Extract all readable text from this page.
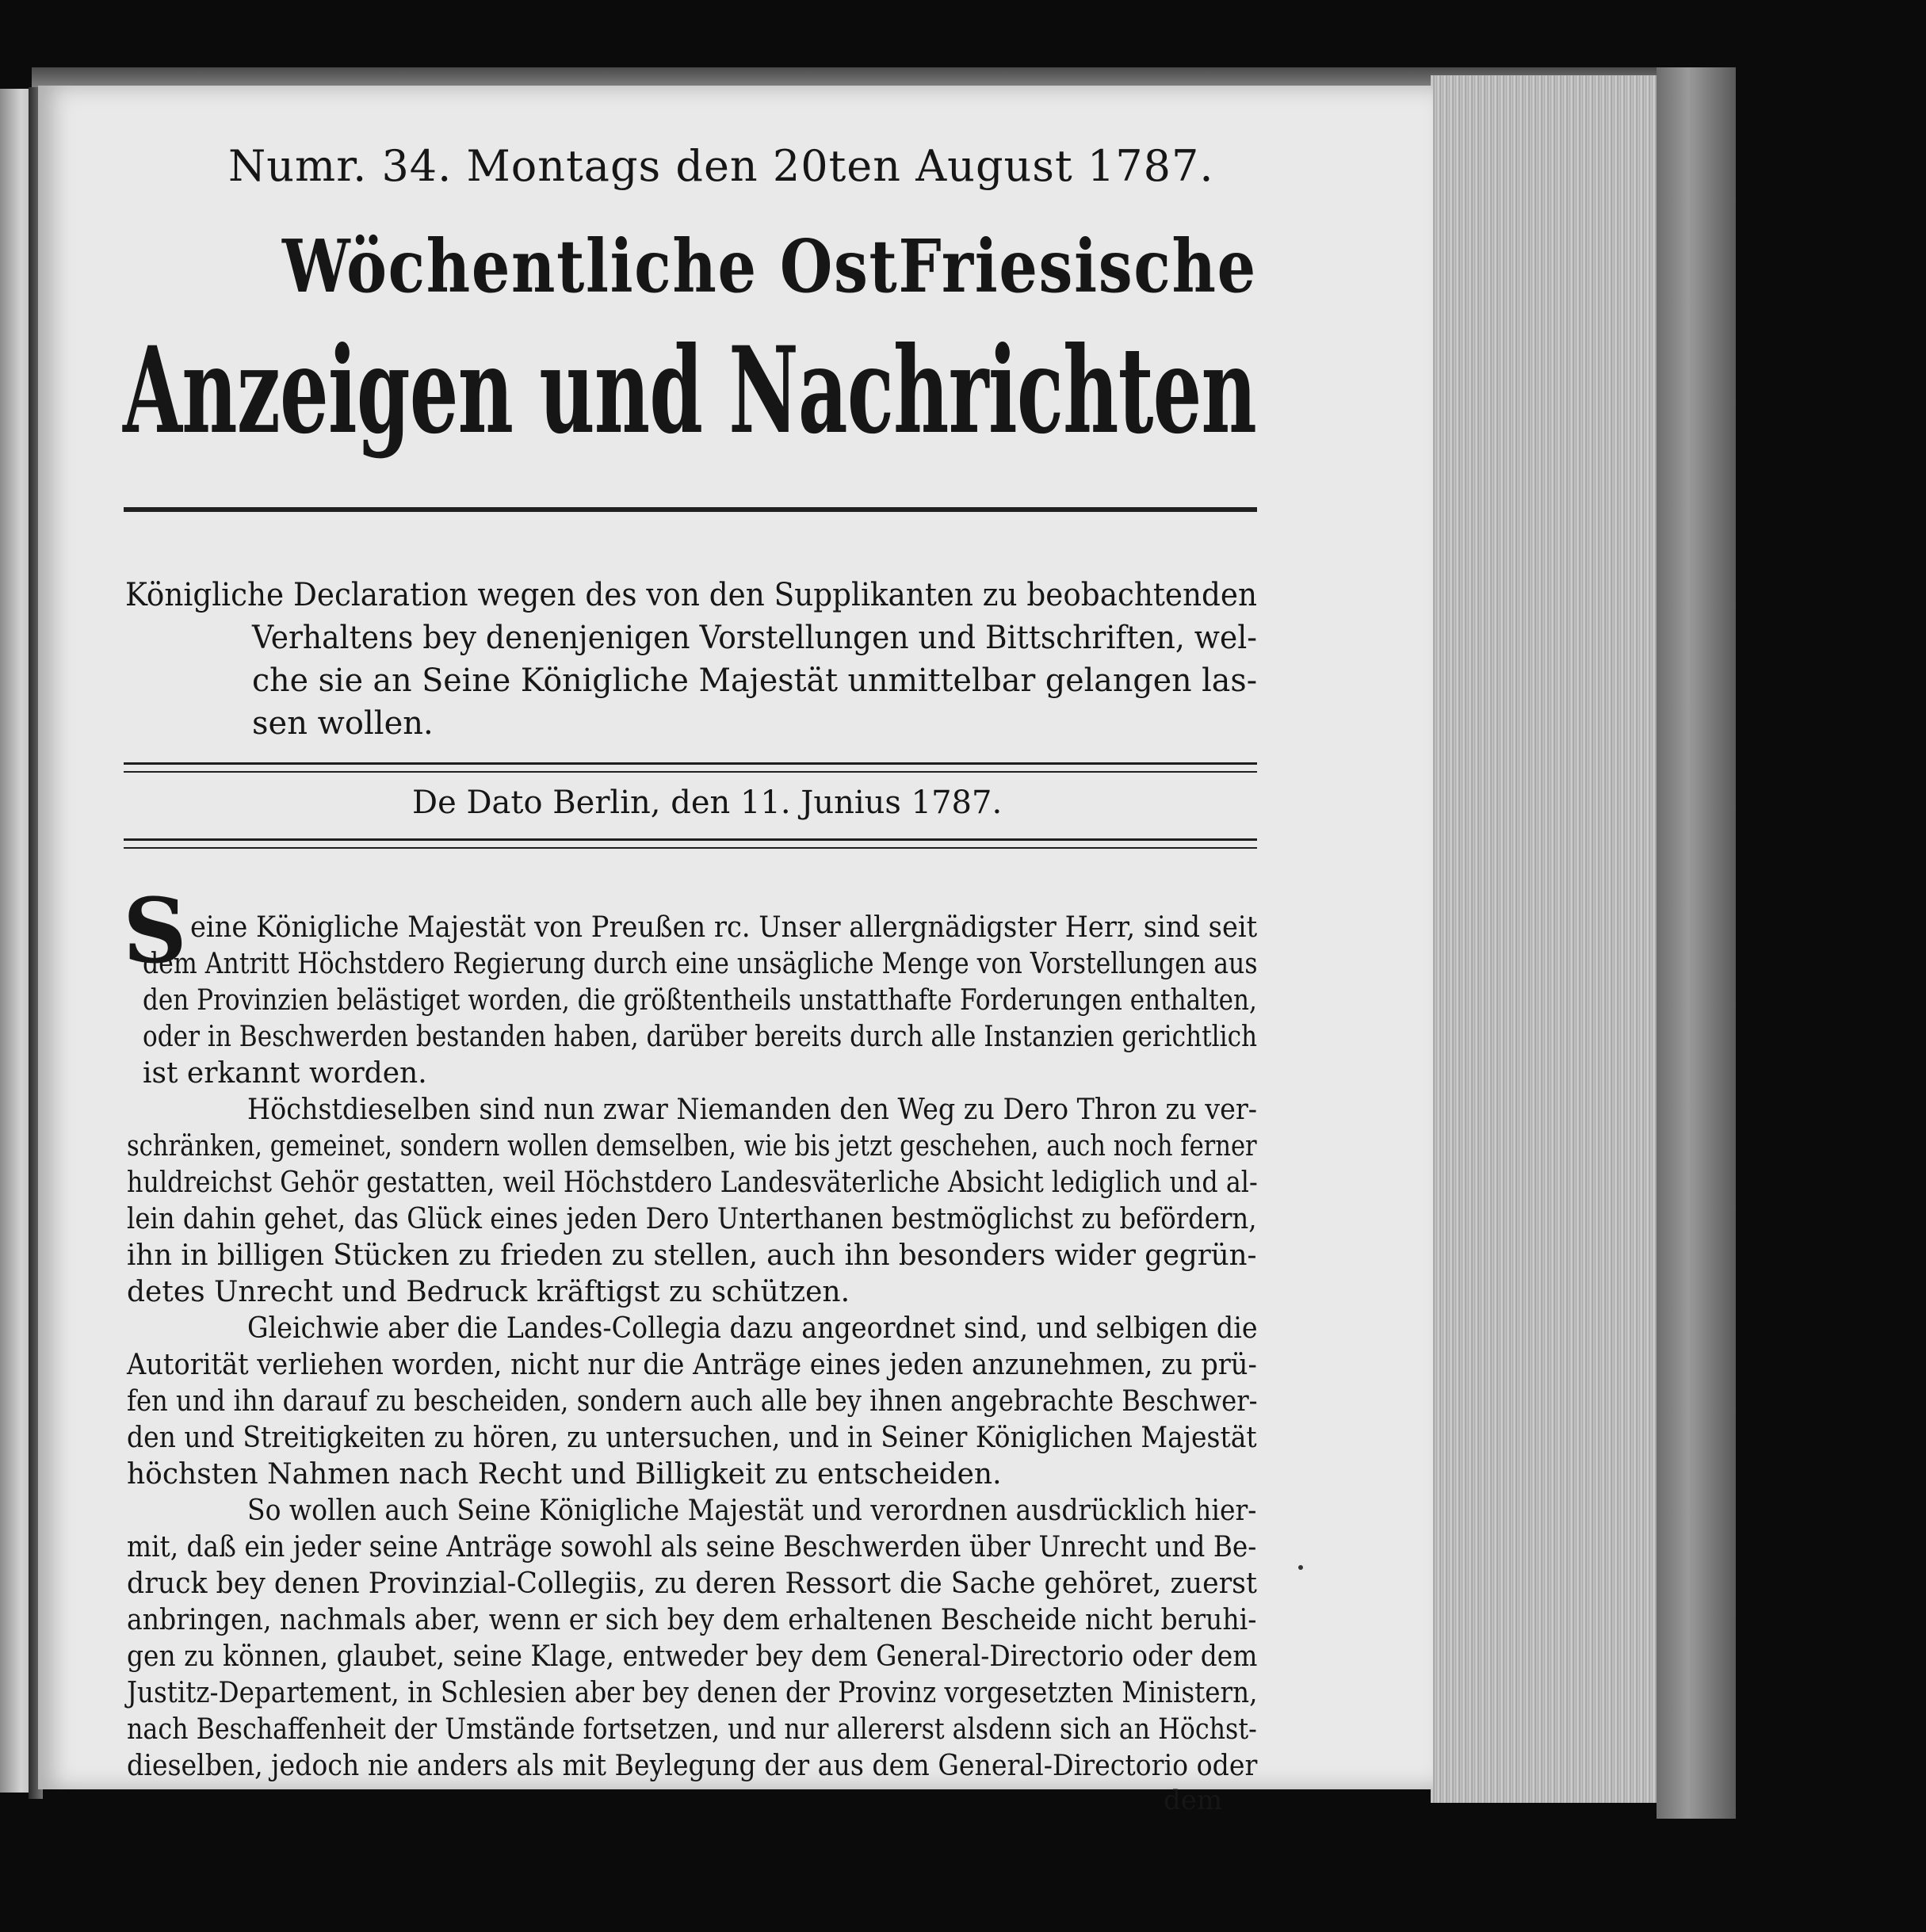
Numr. 34. Montags den 20ten August 1787.
Wöchentliche OstFriesische
Anzeigen und Nachrichten
Königliche Declaration wegen des von den Supplikanten zu beobachtenden
Verhaltens bey denenjenigen Vorstellungen und Bittschriften, wel-
che sie an Seine Königliche Majestät unmittelbar gelangen las-
sen wollen.
De Dato Berlin, den 11. Junius 1787.
S eine Königliche Majestät von Preußen rc. Unser allergnädigster Herr, sind seit
dem Antritt Höchstdero Regierung durch eine unsägliche Menge von Vorstellungen aus
den Provinzien belästiget worden, die größtentheils unstatthafte Forderungen enthalten,
oder in Beschwerden bestanden haben, darüber bereits durch alle Instanzien gerichtlich
ist erkannt worden.
Höchstdieselben sind nun zwar Niemanden den Weg zu Dero Thron zu ver-
schränken, gemeinet, sondern wollen demselben, wie bis jetzt geschehen, auch noch ferner
huldreichst Gehör gestatten, weil Höchstdero Landesväterliche Absicht lediglich und al-
lein dahin gehet, das Glück eines jeden Dero Unterthanen bestmöglichst zu befördern,
ihn in billigen Stücken zu frieden zu stellen, auch ihn besonders wider gegrün-
detes Unrecht und Bedruck kräftigst zu schützen.
Gleichwie aber die Landes-Collegia dazu angeordnet sind, und selbigen die
Autorität verliehen worden, nicht nur die Anträge eines jeden anzunehmen, zu prü-
fen und ihn darauf zu bescheiden, sondern auch alle bey ihnen angebrachte Beschwer-
den und Streitigkeiten zu hören, zu untersuchen, und in Seiner Königlichen Majestät
höchsten Nahmen nach Recht und Billigkeit zu entscheiden.
So wollen auch Seine Königliche Majestät und verordnen ausdrücklich hier-
mit, daß ein jeder seine Anträge sowohl als seine Beschwerden über Unrecht und Be-
druck bey denen Provinzial-Collegiis, zu deren Ressort die Sache gehöret, zuerst
anbringen, nachmals aber, wenn er sich bey dem erhaltenen Bescheide nicht beruhi-
gen zu können, glaubet, seine Klage, entweder bey dem General-Directorio oder dem
Justitz-Departement, in Schlesien aber bey denen der Provinz vorgesetzten Ministern,
nach Beschaffenheit der Umstände fortsetzen, und nur allererst alsdenn sich an Höchst-
dieselben, jedoch nie anders als mit Beylegung der aus dem General-Directorio oder
dem
